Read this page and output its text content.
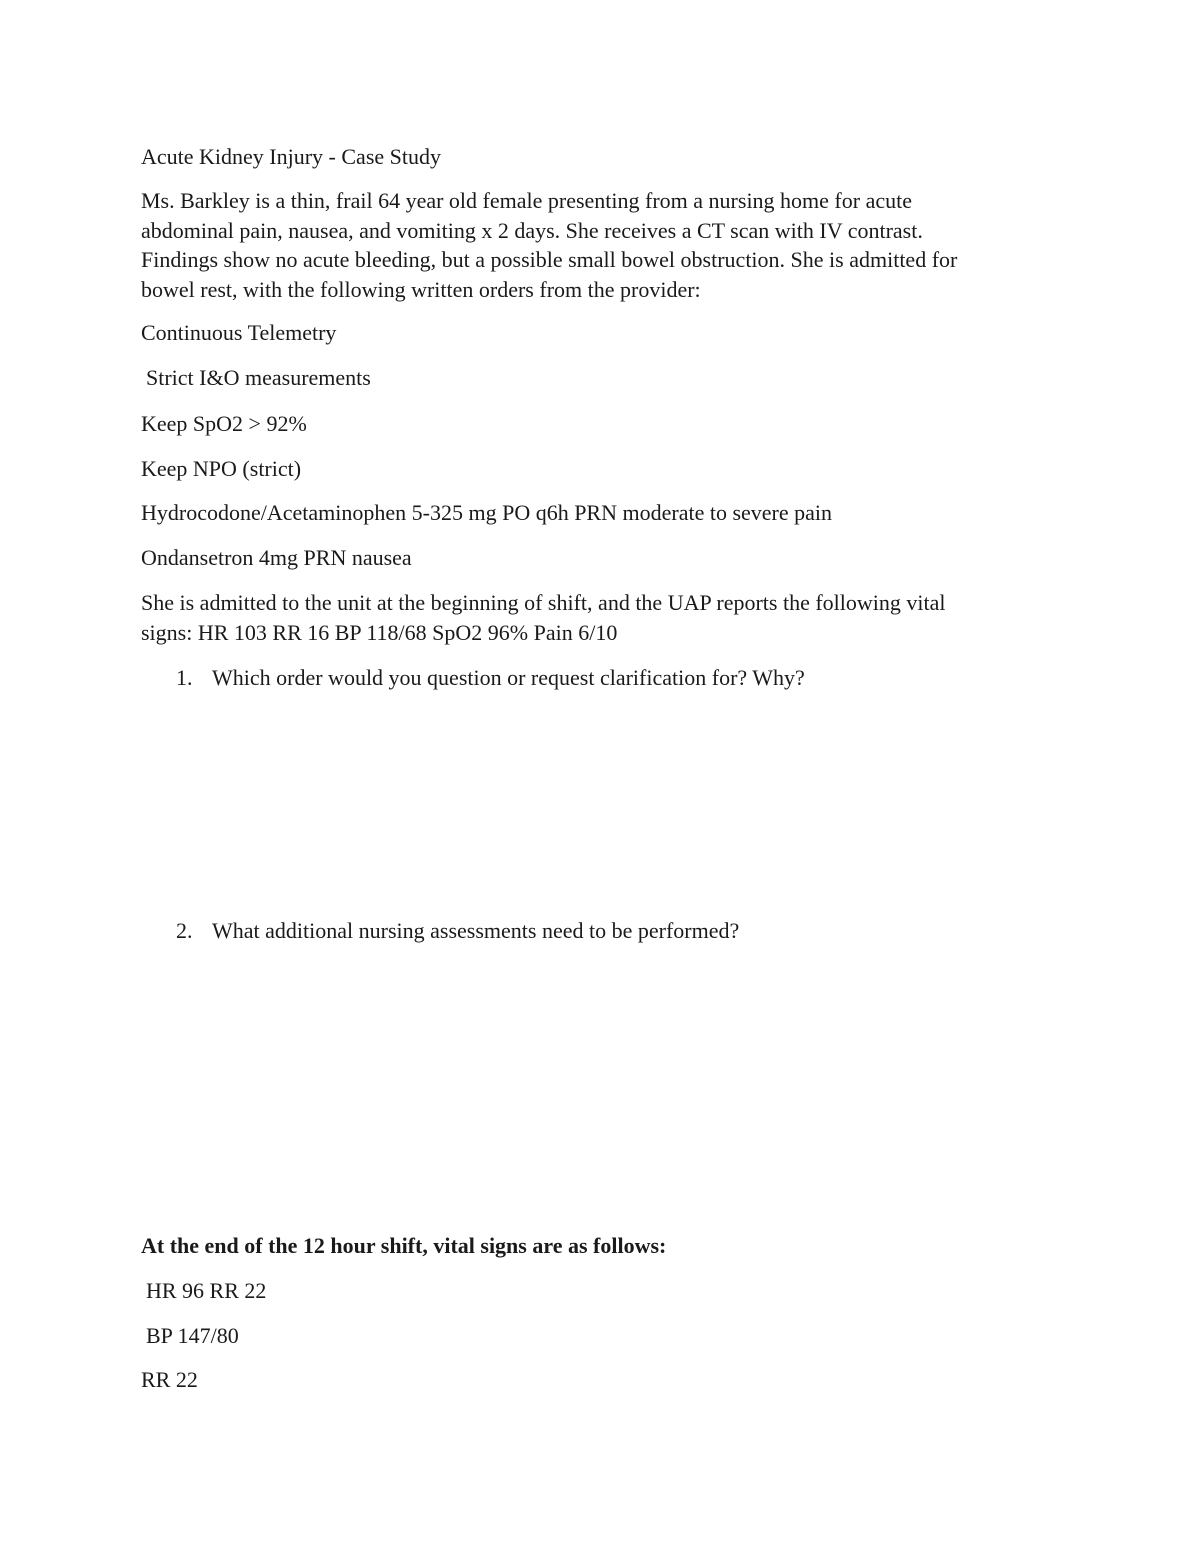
Acute Kidney Injury - Case Study

Ms. Barkley is a thin, frail 64 year old female presenting from a nursing home for acute
abdominal pain, nausea, and vomiting x 2 days. She receives a CT scan with IV contrast.
Findings show no acute bleeding, but a possible small bowel obstruction. She is admitted for
bowel rest, with the following written orders from the provider:

Continuous Telemetry

Strict I&O measurements

Keep SpO2 > 92%

Keep NPO (strict)

Hydrocodone/Acetaminophen 5-325 mg PO q6h PRN moderate to severe pain

Ondansetron 4mg PRN nausea

She is admitted to the unit at the beginning of shift, and the UAP reports the following vital
signs: HR 103 RR 16 BP 118/68 SpO2 96% Pain 6/10

1. Which order would you question or request clarification for? Why?
2. What additional nursing assessments need to be performed?

At the end of the 12 hour shift, vital signs are as follows:

HR 96 RR 22

BP 147/80

RR 22
